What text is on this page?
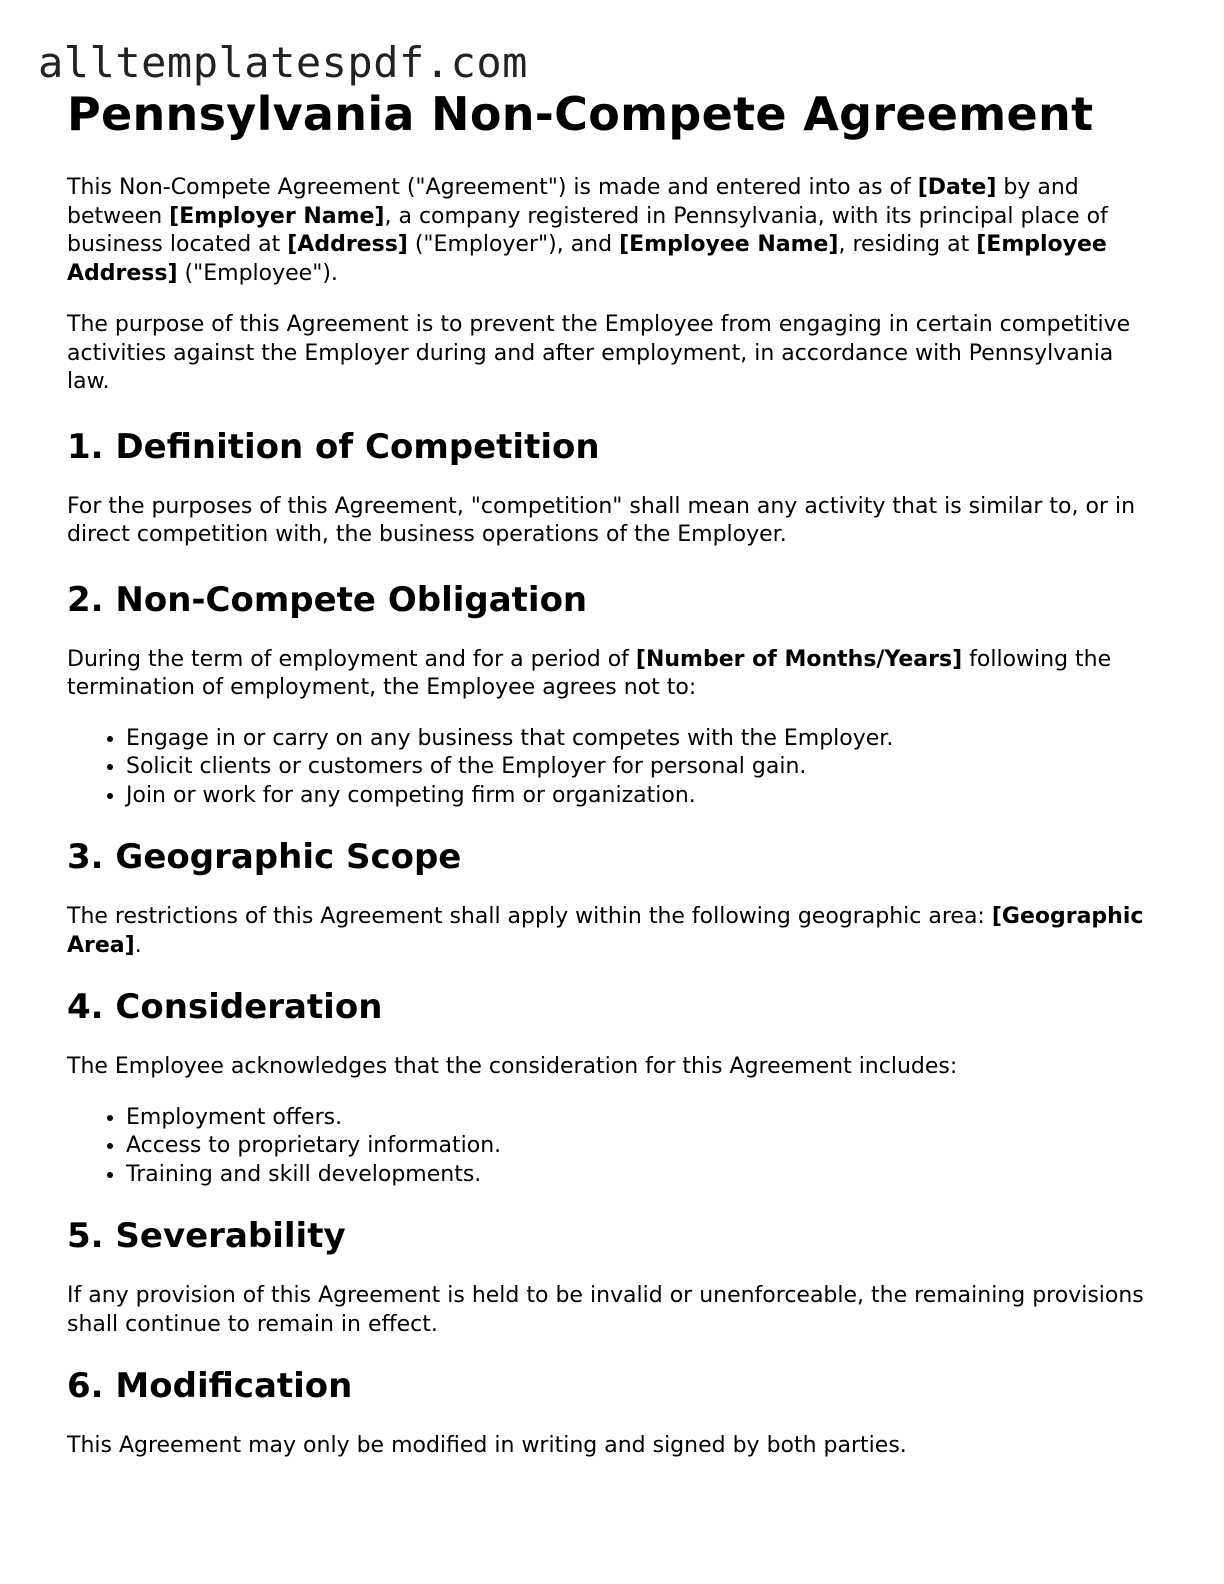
alltemplatespdf.com
Pennsylvania Non-Compete Agreement

This Non-Compete Agreement ("Agreement") is made and entered into as of [Date] by and between [Employer Name], a company registered in Pennsylvania, with its principal place of business located at [Address] ("Employer"), and [Employee Name], residing at [Employee Address] ("Employee").

The purpose of this Agreement is to prevent the Employee from engaging in certain competitive activities against the Employer during and after employment, in accordance with Pennsylvania law.

1. Definition of Competition

For the purposes of this Agreement, "competition" shall mean any activity that is similar to, or in direct competition with, the business operations of the Employer.

2. Non-Compete Obligation

During the term of employment and for a period of [Number of Months/Years] following the termination of employment, the Employee agrees not to:

• Engage in or carry on any business that competes with the Employer.
• Solicit clients or customers of the Employer for personal gain.
• Join or work for any competing firm or organization.
3. Geographic Scope

The restrictions of this Agreement shall apply within the following geographic area: [Geographic Area].

4. Consideration

The Employee acknowledges that the consideration for this Agreement includes:

• Employment offers.
• Access to proprietary information.
• Training and skill developments.
5. Severability

If any provision of this Agreement is held to be invalid or unenforceable, the remaining provisions shall continue to remain in effect.

6. Modification

This Agreement may only be modified in writing and signed by both parties.
